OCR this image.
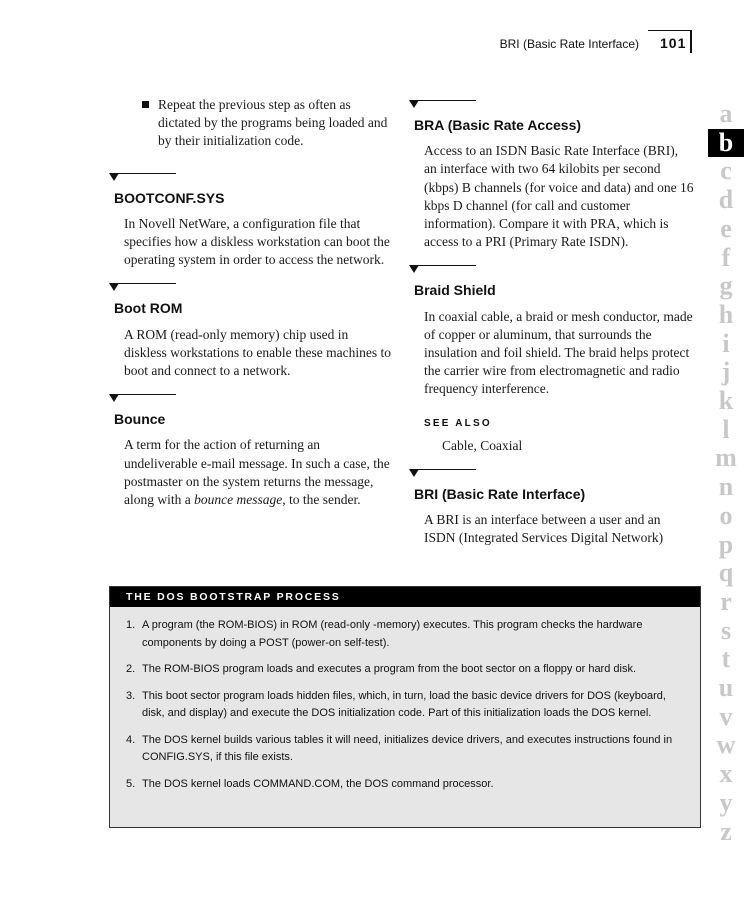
BRI (Basic Rate Interface) 101
Repeat the previous step as often as dictated by the programs being loaded and by their initialization code.
BOOTCONF.SYS

In Novell NetWare, a configuration file that specifies how a diskless workstation can boot the operating system in order to access the network.

Boot ROM

A ROM (read-only memory) chip used in diskless workstations to enable these machines to boot and connect to a network.

Bounce

A term for the action of returning an undeliverable e-mail message. In such a case, the postmaster on the system returns the message, along with a bounce message, to the sender.

BRA (Basic Rate Access)

Access to an ISDN Basic Rate Interface (BRI), an interface with two 64 kilobits per second (kbps) B channels (for voice and data) and one 16 kbps D channel (for call and customer information). Compare it with PRA, which is access to a PRI (Primary Rate ISDN).

Braid Shield

In coaxial cable, a braid or mesh conductor, made of copper or aluminum, that surrounds the insulation and foil shield. The braid helps protect the carrier wire from electromagnetic and radio frequency interference.

SEE ALSO
Cable, Coaxial
BRI (Basic Rate Interface)

A BRI is an interface between a user and an ISDN (Integrated Services Digital Network)

THE DOS BOOTSTRAP PROCESS
1. A program (the ROM-BIOS) in ROM (read-only -memory) executes. This program checks the hardware components by doing a POST (power-on self-test).
2. The ROM-BIOS program loads and executes a program from the boot sector on a floppy or hard disk.
3. This boot sector program loads hidden files, which, in turn, load the basic device drivers for DOS (keyboard, disk, and display) and execute the DOS initialization code. Part of this initialization loads the DOS kernel.
4. The DOS kernel builds various tables it will need, initializes device drivers, and executes instructions found in CONFIG.SYS, if this file exists.
5. The DOS kernel loads COMMAND.COM, the DOS command processor.
a
b
c
d
e
f
g
h
i
j
k
l
m
n
o
p
q
r
s
t
u
v
w
x
y
z
